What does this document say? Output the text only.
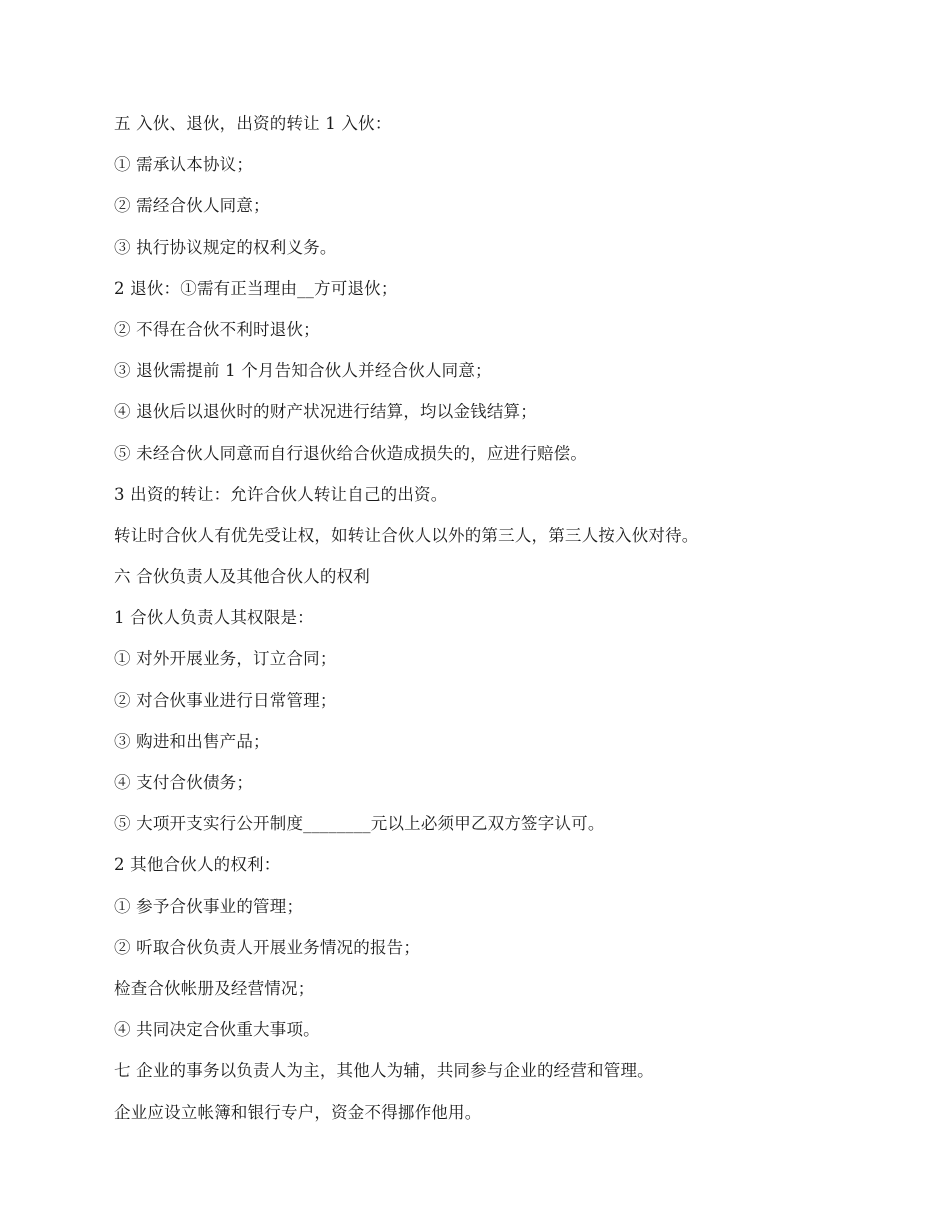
五 入伙、退伙，出资的转让 1 入伙：
① 需承认本协议；
② 需经合伙人同意；
③ 执行协议规定的权利义务。
2 退伙：①需有正当理由__方可退伙；
② 不得在合伙不利时退伙；
③ 退伙需提前 1 个月告知合伙人并经合伙人同意；
④ 退伙后以退伙时的财产状况进行结算，均以金钱结算；
⑤ 未经合伙人同意而自行退伙给合伙造成损失的，应进行赔偿。
3 出资的转让：允许合伙人转让自己的出资。
转让时合伙人有优先受让权，如转让合伙人以外的第三人，第三人按入伙对待。
六 合伙负责人及其他合伙人的权利
1 合伙人负责人其权限是：
① 对外开展业务，订立合同；
② 对合伙事业进行日常管理；
③ 购进和出售产品；
④ 支付合伙债务；
⑤ 大项开支实行公开制度________元以上必须甲乙双方签字认可。
2 其他合伙人的权利：
① 参予合伙事业的管理；
② 听取合伙负责人开展业务情况的报告；
检查合伙帐册及经营情况；
④ 共同决定合伙重大事项。
七 企业的事务以负责人为主，其他人为辅，共同参与企业的经营和管理。
企业应设立帐簿和银行专户，资金不得挪作他用。
